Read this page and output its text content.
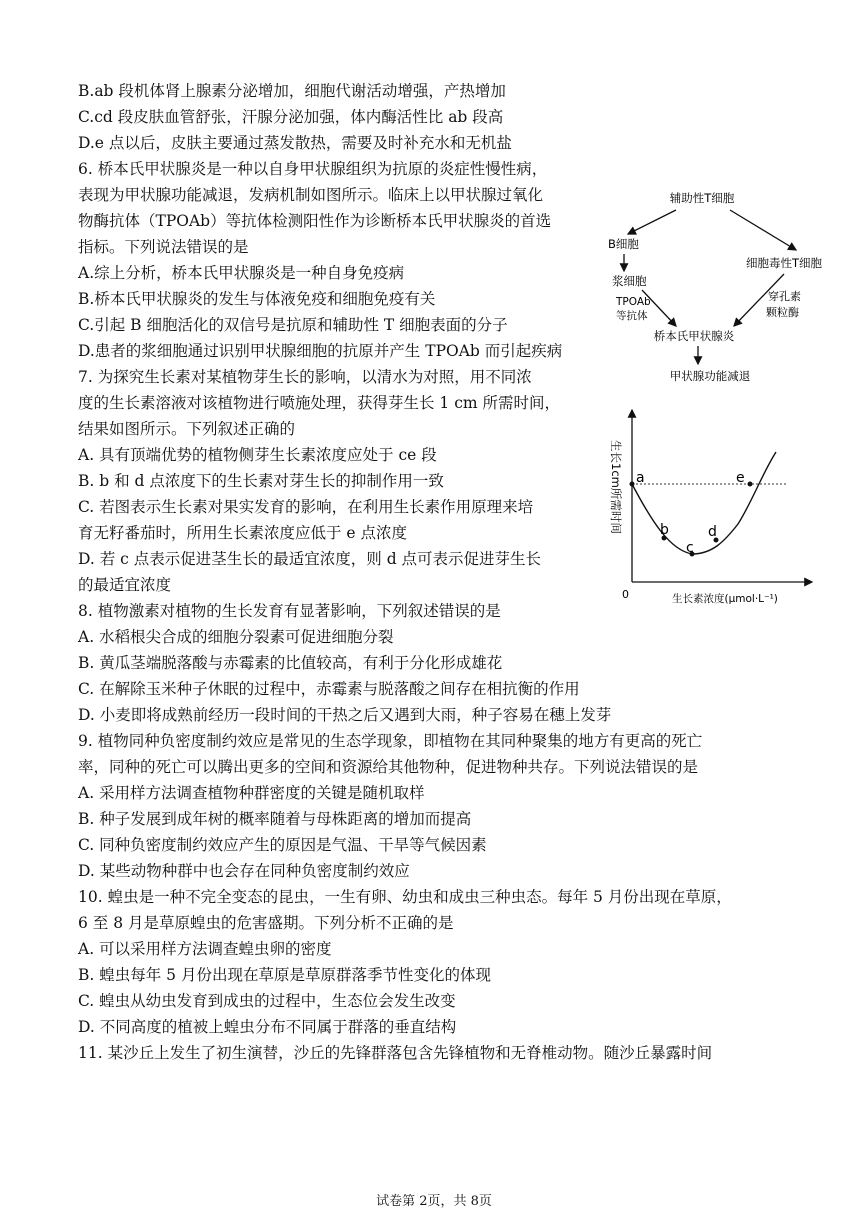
B.ab 段机体肾上腺素分泌增加，细胞代谢活动增强，产热增加
C.cd 段皮肤血管舒张，汗腺分泌加强，体内酶活性比 ab 段高
D.e 点以后，皮肤主要通过蒸发散热，需要及时补充水和无机盐
6. 桥本氏甲状腺炎是一种以自身甲状腺组织为抗原的炎症性慢性病，
表现为甲状腺功能减退，发病机制如图所示。临床上以甲状腺过氧化
物酶抗体（TPOAb）等抗体检测阳性作为诊断桥本氏甲状腺炎的首选
指标。下列说法错误的是
A.综上分析，桥本氏甲状腺炎是一种自身免疫病
B.桥本氏甲状腺炎的发生与体液免疫和细胞免疫有关
C.引起 B 细胞活化的双信号是抗原和辅助性 T 细胞表面的分子
D.患者的浆细胞通过识别甲状腺细胞的抗原并产生 TPOAb 而引起疾病
7. 为探究生长素对某植物芽生长的影响，以清水为对照，用不同浓
度的生长素溶液对该植物进行喷施处理，获得芽生长 1 cm 所需时间，
结果如图所示。下列叙述正确的
A. 具有顶端优势的植物侧芽生长素浓度应处于 ce 段
B. b 和 d 点浓度下的生长素对芽生长的抑制作用一致
C. 若图表示生长素对果实发育的影响，在利用生长素作用原理来培
育无籽番茄时，所用生长素浓度应低于 e 点浓度
D. 若 c 点表示促进茎生长的最适宜浓度，则 d 点可表示促进芽生长
的最适宜浓度
8. 植物激素对植物的生长发育有显著影响，下列叙述错误的是
A. 水稻根尖合成的细胞分裂素可促进细胞分裂
B. 黄瓜茎端脱落酸与赤霉素的比值较高，有利于分化形成雄花
C. 在解除玉米种子休眠的过程中，赤霉素与脱落酸之间存在相抗衡的作用
D. 小麦即将成熟前经历一段时间的干热之后又遇到大雨，种子容易在穗上发芽
9. 植物同种负密度制约效应是常见的生态学现象，即植物在其同种聚集的地方有更高的死亡
率，同种的死亡可以腾出更多的空间和资源给其他物种，促进物种共存。下列说法错误的是
A. 采用样方法调查植物种群密度的关键是随机取样
B. 种子发展到成年树的概率随着与母株距离的增加而提高
C. 同种负密度制约效应产生的原因是气温、干旱等气候因素
D. 某些动物种群中也会存在同种负密度制约效应
10. 蝗虫是一种不完全变态的昆虫，一生有卵、幼虫和成虫三种虫态。每年 5 月份出现在草原，
6 至 8 月是草原蝗虫的危害盛期。下列分析不正确的是
A. 可以采用样方法调查蝗虫卵的密度
B. 蝗虫每年 5 月份出现在草原是草原群落季节性变化的体现
C. 蝗虫从幼虫发育到成虫的过程中，生态位会发生改变
D. 不同高度的植被上蝗虫分布不同属于群落的垂直结构
11. 某沙丘上发生了初生演替，沙丘的先锋群落包含先锋植物和无脊椎动物。随沙丘暴露时间
辅助性T细胞
B细胞
细胞毒性T细胞
浆细胞
TPOAb
等抗体
穿孔素
颗粒酶
桥本氏甲状腺炎
甲状腺功能减退
a
b
c
d
e
生长1cm所需时间
生长素浓度(μmol·L⁻¹)
0
试卷第 2页，共 8页
